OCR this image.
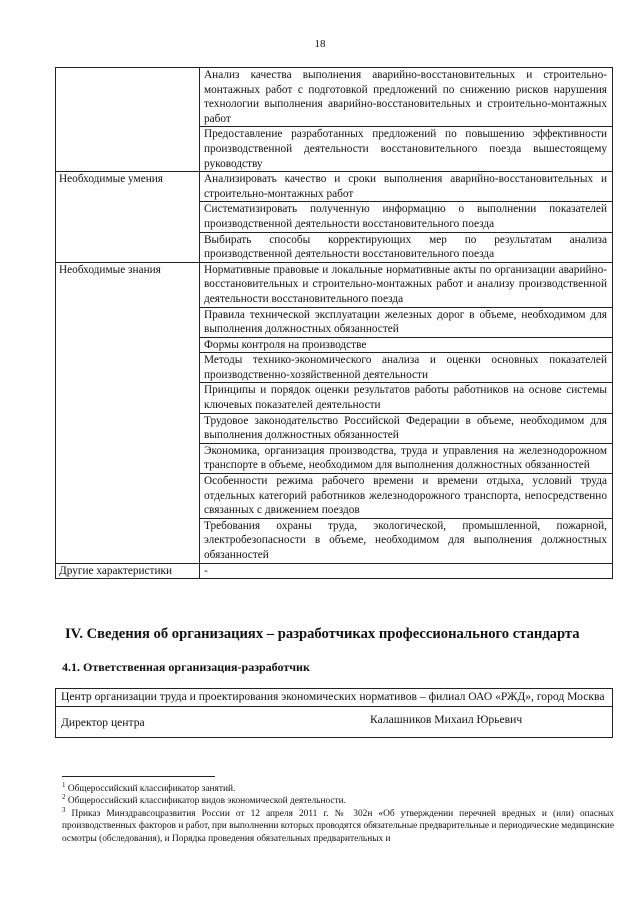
18
	Анализ качества выполнения аварийно-восстановительных и строительно-монтажных работ с подготовкой предложений по снижению рисков нарушения технологии выполнения аварийно-восстановительных и строительно-монтажных работ
	Предоставление разработанных предложений по повышению эффективности производственной деятельности восстановительного поезда вышестоящему руководству
Необходимые умения	Анализировать качество и сроки выполнения аварийно-восстановительных и строительно-монтажных работ
	Систематизировать полученную информацию о выполнении показателей производственной деятельности восстановительного поезда
	Выбирать способы корректирующих мер по результатам анализа производственной деятельности восстановительного поезда
Необходимые знания	Нормативные правовые и локальные нормативные акты по организации аварийно-восстановительных и строительно-монтажных работ и анализу производственной деятельности восстановительного поезда
	Правила технической эксплуатации железных дорог в объеме, необходимом для выполнения должностных обязанностей
	Формы контроля на производстве
	Методы технико-экономического анализа и оценки основных показателей производственно-хозяйственной деятельности
	Принципы и порядок оценки результатов работы работников на основе системы ключевых показателей деятельности
	Трудовое законодательство Российской Федерации в объеме, необходимом для выполнения должностных обязанностей
	Экономика, организация производства, труда и управления на железнодорожном транспорте в объеме, необходимом для выполнения должностных обязанностей
	Особенности режима рабочего времени и времени отдыха, условий труда отдельных категорий работников железнодорожного транспорта, непосредственно связанных с движением поездов
	Требования охраны труда, экологической, промышленной, пожарной, электробезопасности в объеме, необходимом для выполнения должностных обязанностей
Другие характеристики	-
IV. Сведения об организациях – разработчиках профессионального стандарта
4.1. Ответственная организация-разработчик
Центр организации труда и проектирования экономических нормативов – филиал ОАО «РЖД», город Москва

Директор центра	Калашников Михаил Юрьевич

$^1$ Общероссийский классификатор занятий.

$^2$ Общероссийский классификатор видов экономической деятельности.

$^3$ Приказ Минздравсоцразвития России от 12 апреля 2011 г. № 302н «Об утверждении перечней вредных и (или) опасных производственных факторов и работ, при выполнении которых проводятся обязательные предварительные и периодические медицинские осмотры (обследования), и Порядка проведения обязательных предварительных и
